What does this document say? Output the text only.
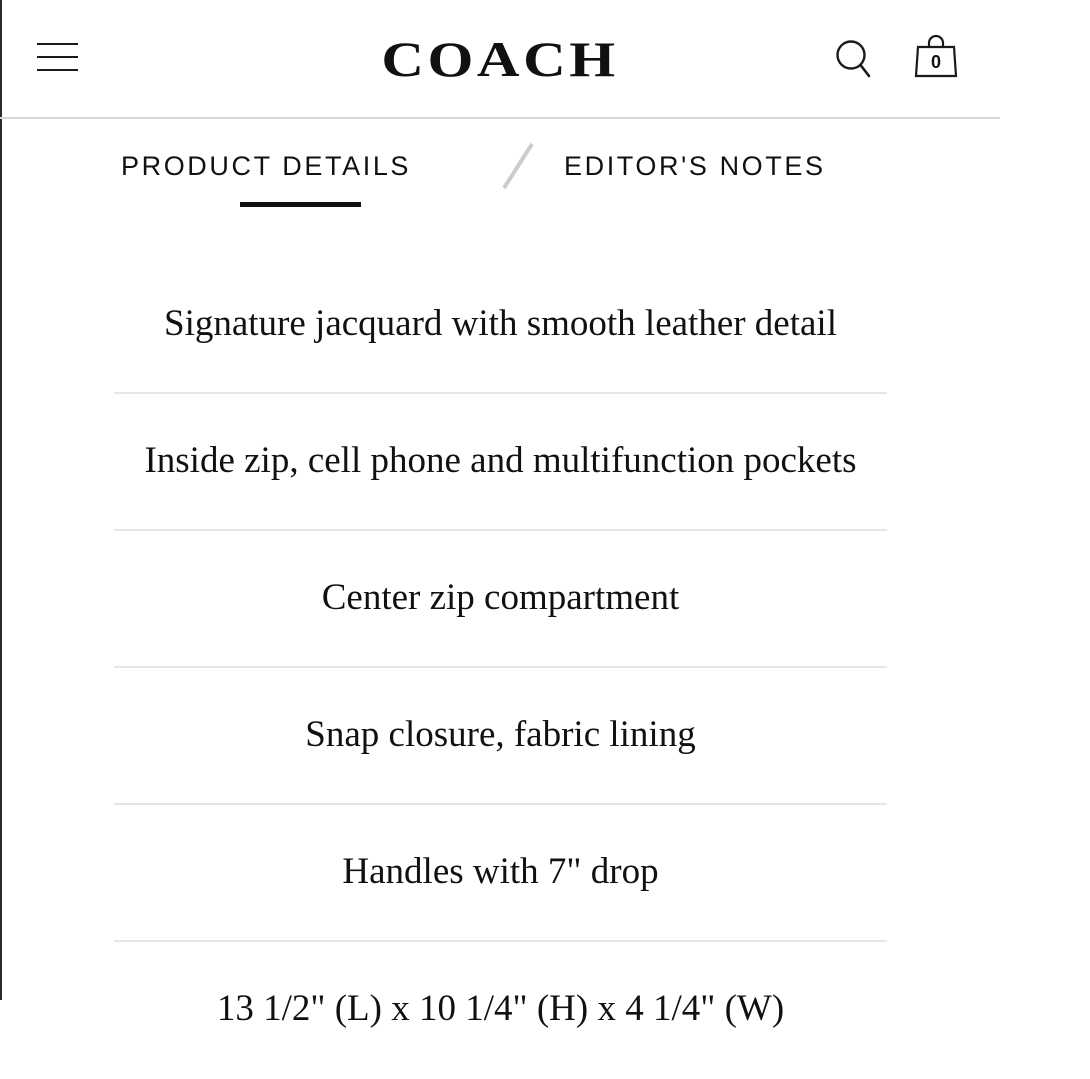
COACH	0
PRODUCT DETAILS	EDITOR'S NOTES
Signature jacquard with smooth leather detail
Inside zip, cell phone and multifunction pockets
Center zip compartment
Snap closure, fabric lining
Handles with 7" drop
13 1/2" (L) x 10 1/4" (H) x 4 1/4" (W)
